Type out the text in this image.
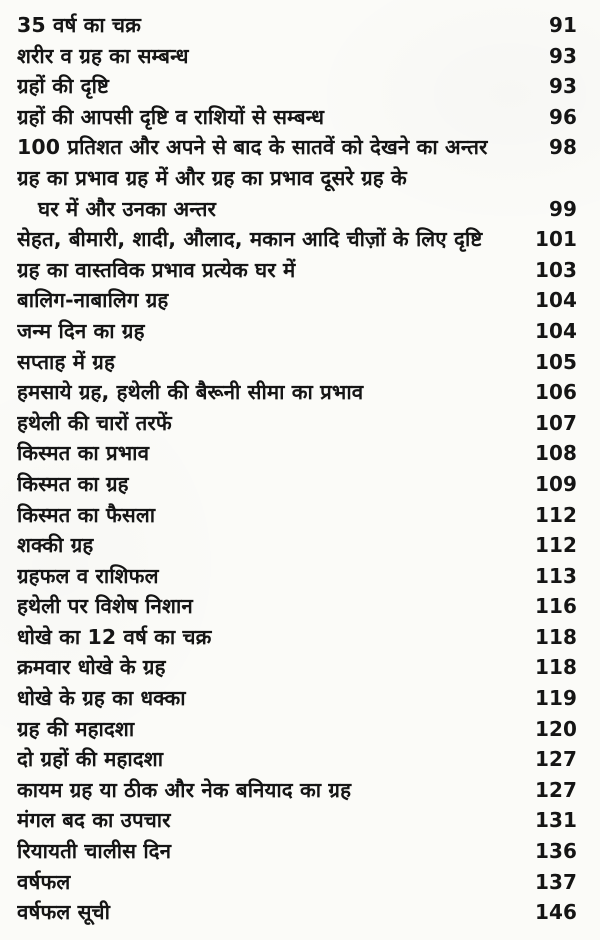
35 वर्ष का चक्र	91
शरीर व ग्रह का सम्बन्ध	93
ग्रहों की दृष्टि	93
ग्रहों की आपसी दृष्टि व राशियों से सम्बन्ध	96
100 प्रतिशत और अपने से बाद के सातवें को देखने का अन्तर	98
ग्रह का प्रभाव ग्रह में और ग्रह का प्रभाव दूसरे ग्रह के
घर में और उनका अन्तर	99
सेहत, बीमारी, शादी, औलाद, मकान आदि चीज़ों के लिए दृष्टि	101
ग्रह का वास्तविक प्रभाव प्रत्येक घर में	103
बालिग-नाबालिग ग्रह	104
जन्म दिन का ग्रह	104
सप्ताह में ग्रह	105
हमसाये ग्रह, हथेली की बैरूनी सीमा का प्रभाव	106
हथेली की चारों तरफें	107
किस्मत का प्रभाव	108
किस्मत का ग्रह	109
किस्मत का फैसला	112
शक्की ग्रह	112
ग्रहफल व राशिफल	113
हथेली पर विशेष निशान	116
धोखे का 12 वर्ष का चक्र	118
क्रमवार धोखे के ग्रह	118
धोखे के ग्रह का धक्का	119
ग्रह की महादशा	120
दो ग्रहों की महादशा	127
कायम ग्रह या ठीक और नेक बनियाद का ग्रह	127
मंगल बद का उपचार	131
रियायती चालीस दिन	136
वर्षफल	137
वर्षफल सूची	146
